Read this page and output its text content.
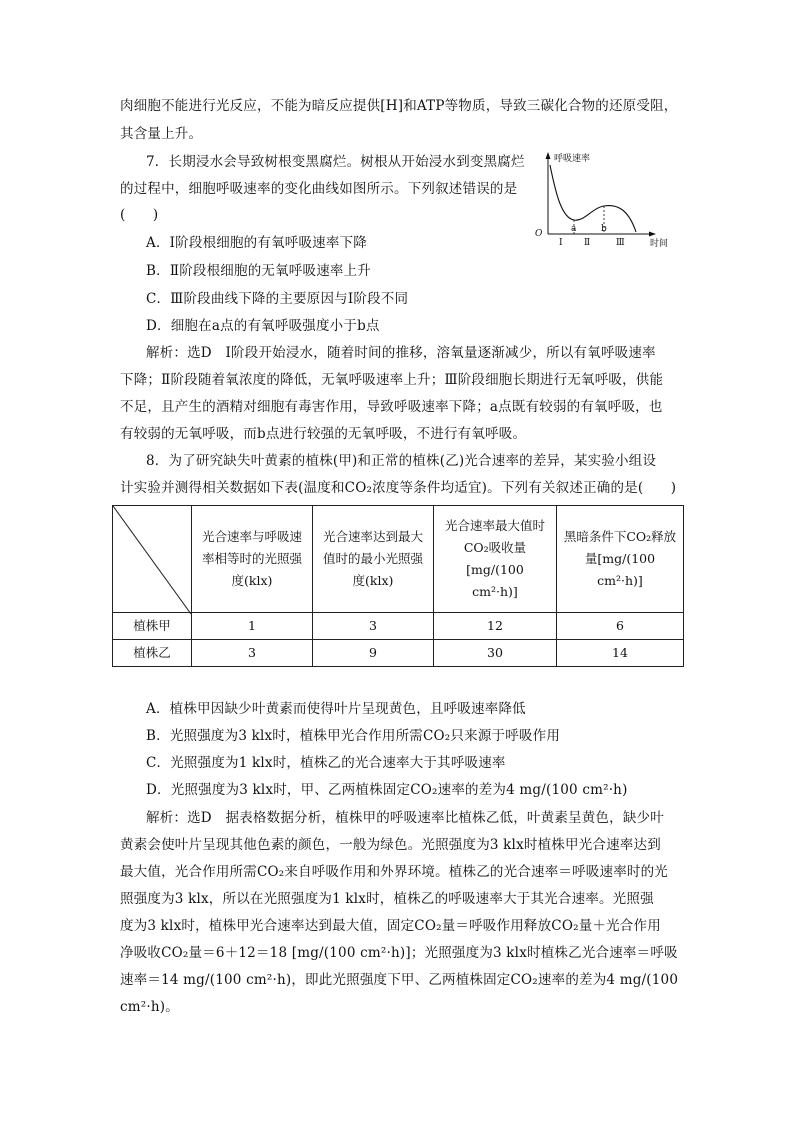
肉细胞不能进行光反应，不能为暗反应提供[H]和ATP等物质，导致三碳化合物的还原受阻，
其含量上升。
7．长期浸水会导致树根变黑腐烂。树根从开始浸水到变黑腐烂
的过程中，细胞呼吸速率的变化曲线如图所示。下列叙述错误的是
(　　)
A．Ⅰ阶段根细胞的有氧呼吸速率下降
B．Ⅱ阶段根细胞的无氧呼吸速率上升
C．Ⅲ阶段曲线下降的主要原因与Ⅰ阶段不同
D．细胞在a点的有氧呼吸强度小于b点
解析：选D　Ⅰ阶段开始浸水，随着时间的推移，溶氧量逐渐减少，所以有氧呼吸速率
下降；Ⅱ阶段随着氧浓度的降低，无氧呼吸速率上升；Ⅲ阶段细胞长期进行无氧呼吸，供能
不足，且产生的酒精对细胞有毒害作用，导致呼吸速率下降；a点既有较弱的有氧呼吸，也
有较弱的无氧呼吸，而b点进行较强的无氧呼吸，不进行有氧呼吸。
呼吸速率
O
时间
Ⅰ
a
Ⅱ
b
Ⅲ
8．为了研究缺失叶黄素的植株(甲)和正常的植株(乙)光合速率的差异，某实验小组设
计实验并测得相关数据如下表(温度和CO₂浓度等条件均适宜)。下列有关叙述正确的是(　　)

光合速率与呼吸速率相等时的光照强度(klx)	光合速率达到最大值时的最小光照强度(klx)	光合速率最大值时CO₂吸收量[mg/(100 cm²·h)]	黑暗条件下CO₂释放量[mg/(100 cm²·h)]

植株甲	1	3	12	6
植株乙	3	9	30	14
A．植株甲因缺少叶黄素而使得叶片呈现黄色，且呼吸速率降低
B．光照强度为3 klx时，植株甲光合作用所需CO₂只来源于呼吸作用
C．光照强度为1 klx时，植株乙的光合速率大于其呼吸速率
D．光照强度为3 klx时，甲、乙两植株固定CO₂速率的差为4 mg/(100 cm²·h)
解析：选D　据表格数据分析，植株甲的呼吸速率比植株乙低，叶黄素呈黄色，缺少叶
黄素会使叶片呈现其他色素的颜色，一般为绿色。光照强度为3 klx时植株甲光合速率达到
最大值，光合作用所需CO₂来自呼吸作用和外界环境。植株乙的光合速率＝呼吸速率时的光
照强度为3 klx，所以在光照强度为1 klx时，植株乙的呼吸速率大于其光合速率。光照强
度为3 klx时，植株甲光合速率达到最大值，固定CO₂量＝呼吸作用释放CO₂量＋光合作用
净吸收CO₂量＝6＋12＝18 [mg/(100 cm²·h)]；光照强度为3 klx时植株乙光合速率＝呼吸
速率＝14 mg/(100 cm²·h)，即此光照强度下甲、乙两植株固定CO₂速率的差为4 mg/(100
cm²·h)。
